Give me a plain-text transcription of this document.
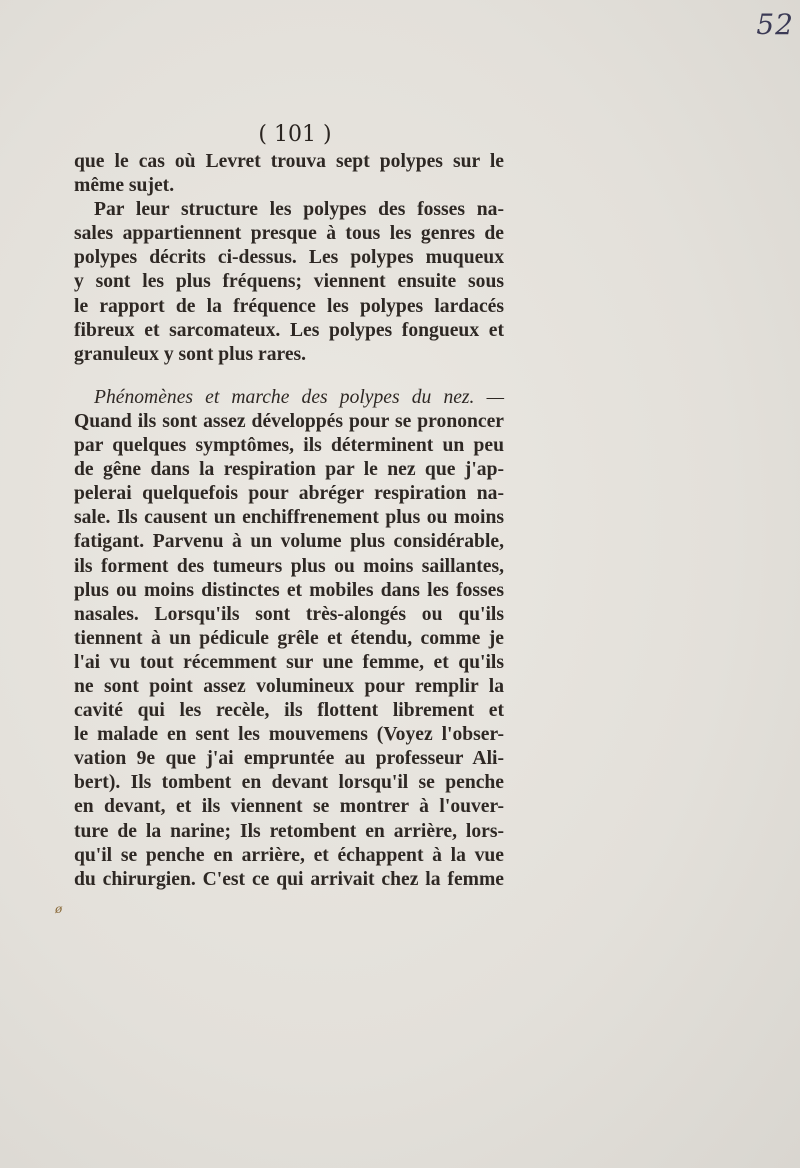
52
( 101 )
que le cas où Levret trouva sept polypes sur le
même sujet.
Par leur structure les polypes des fosses na-
sales appartiennent presque à tous les genres de
polypes décrits ci-dessus. Les polypes muqueux
y sont les plus fréquens; viennent ensuite sous
le rapport de la fréquence les polypes lardacés
fibreux et sarcomateux. Les polypes fongueux et
granuleux y sont plus rares.
Phénomènes et marche des polypes du nez. —
Quand ils sont assez développés pour se prononcer
par quelques symptômes, ils déterminent un peu
de gêne dans la respiration par le nez que j'ap-
pelerai quelquefois pour abréger respiration na-
sale. Ils causent un enchiffrenement plus ou moins
fatigant. Parvenu à un volume plus considérable,
ils forment des tumeurs plus ou moins saillantes,
plus ou moins distinctes et mobiles dans les fosses
nasales. Lorsqu'ils sont très-alongés ou qu'ils
tiennent à un pédicule grêle et étendu, comme je
l'ai vu tout récemment sur une femme, et qu'ils
ne sont point assez volumineux pour remplir la
cavité qui les recèle, ils flottent librement et
le malade en sent les mouvemens (Voyez l'obser-
vation 9e que j'ai empruntée au professeur Ali-
bert). Ils tombent en devant lorsqu'il se penche
en devant, et ils viennent se montrer à l'ouver-
ture de la narine; Ils retombent en arrière, lors-
qu'il se penche en arrière, et échappent à la vue
du chirurgien. C'est ce qui arrivait chez la femme
ø
